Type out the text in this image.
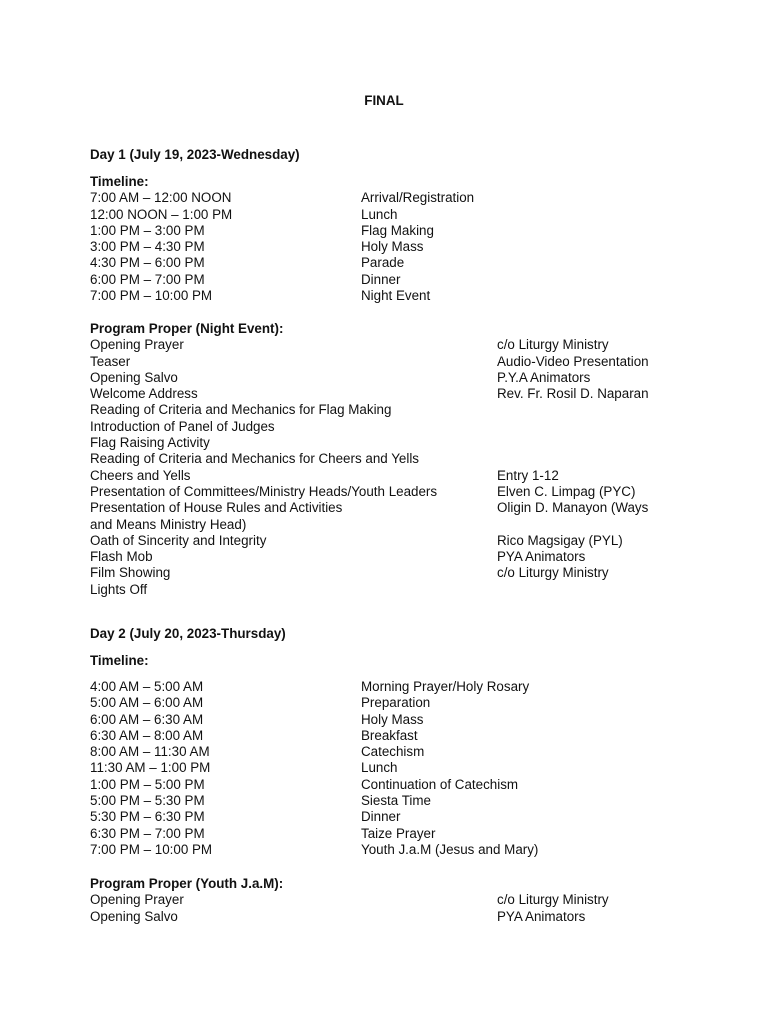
FINAL
Day 1 (July 19, 2023-Wednesday)
Timeline:
7:00 AM – 12:00 NOON	Arrival/Registration
12:00 NOON – 1:00 PM	Lunch
1:00 PM – 3:00 PM	Flag Making
3:00 PM – 4:30 PM	Holy Mass
4:30 PM – 6:00 PM	Parade
6:00 PM – 7:00 PM	Dinner
7:00 PM – 10:00 PM	Night Event
Program Proper (Night Event):
Opening Prayer	c/o Liturgy Ministry
Teaser	Audio-Video Presentation
Opening Salvo	P.Y.A Animators
Welcome Address	Rev. Fr. Rosil D. Naparan
Reading of Criteria and Mechanics for Flag Making
Introduction of Panel of Judges
Flag Raising Activity
Reading of Criteria and Mechanics for Cheers and Yells
Cheers and Yells	Entry 1-12
Presentation of Committees/Ministry Heads/Youth Leaders	Elven C. Limpag (PYC)
Presentation of House Rules and Activities	Oligin D. Manayon (Ways
and Means Ministry Head)
Oath of Sincerity and Integrity	Rico Magsigay (PYL)
Flash Mob	PYA Animators
Film Showing	c/o Liturgy Ministry
Lights Off
Day 2 (July 20, 2023-Thursday)
Timeline:
4:00 AM – 5:00 AM	Morning Prayer/Holy Rosary
5:00 AM – 6:00 AM	Preparation
6:00 AM – 6:30 AM	Holy Mass
6:30 AM – 8:00 AM	Breakfast
8:00 AM – 11:30 AM	Catechism
11:30 AM – 1:00 PM	Lunch
1:00 PM – 5:00 PM	Continuation of Catechism
5:00 PM – 5:30 PM	Siesta Time
5:30 PM – 6:30 PM	Dinner
6:30 PM – 7:00 PM	Taize Prayer
7:00 PM – 10:00 PM	Youth J.a.M (Jesus and Mary)
Program Proper (Youth J.a.M):
Opening Prayer	c/o Liturgy Ministry
Opening Salvo	PYA Animators
